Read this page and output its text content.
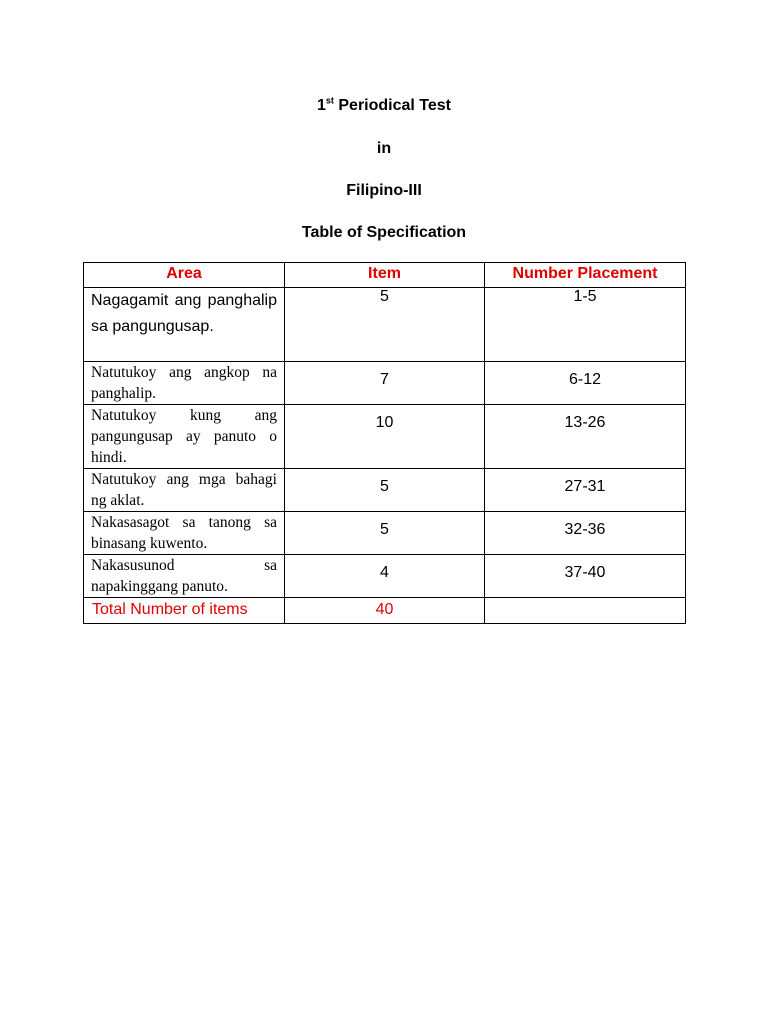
1st Periodical Test
in
Filipino-III
Table of Specification
Area	Item	Number Placement
Nagagamit ang panghalip sa pangungusap.	5	1-5
Natutukoy ang angkop na panghalip.	7	6-12
Natutukoy kung ang pangungusap ay panuto o hindi.	10	13-26
Natutukoy ang mga bahagi ng aklat.	5	27-31
Nakasasagot sa tanong sa binasang kuwento.	5	32-36
Nakasusunod sa napakinggang panuto.	4	37-40
Total Number of items	40	
